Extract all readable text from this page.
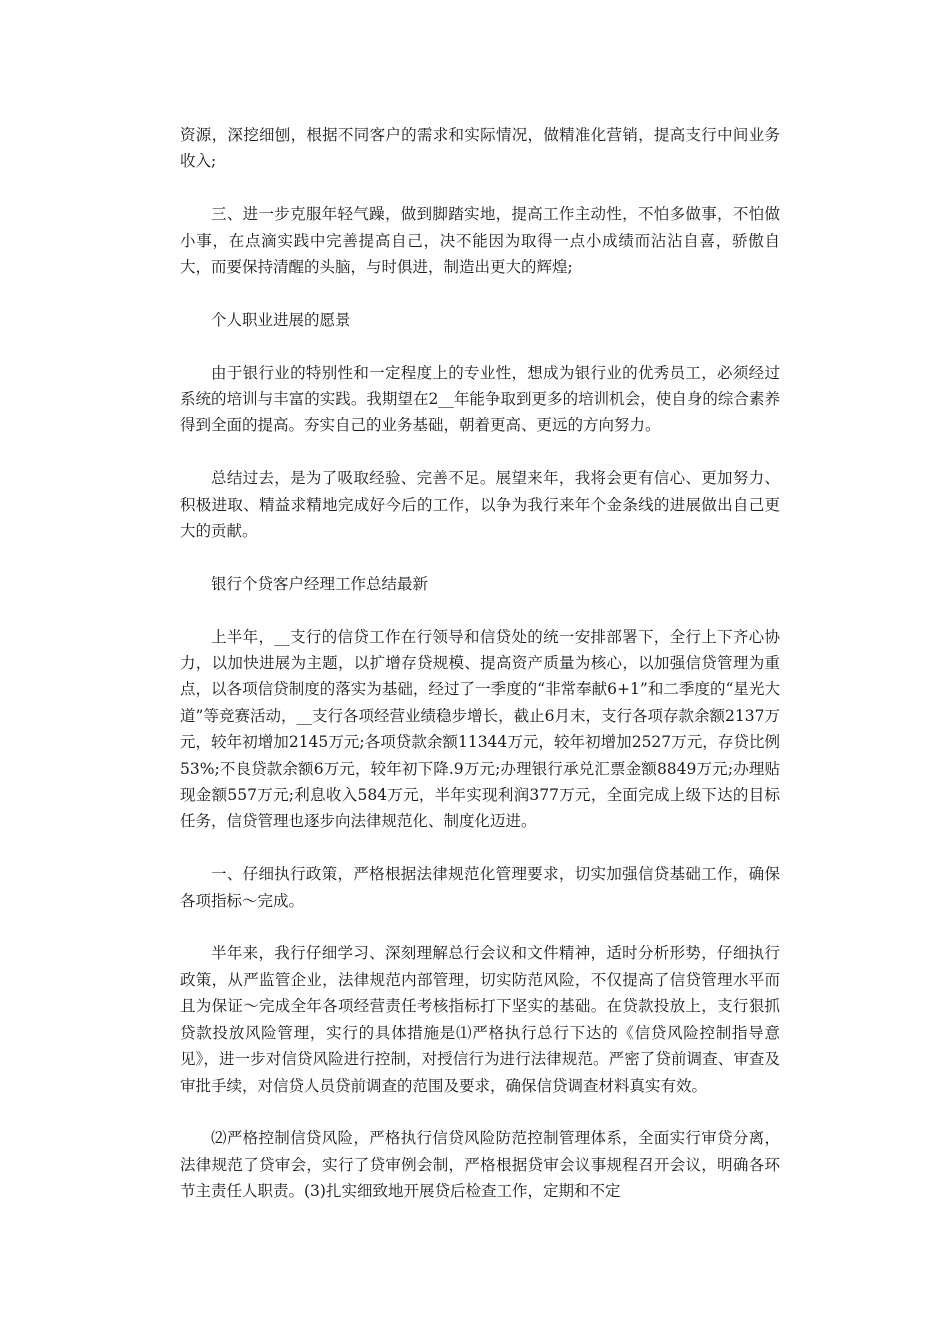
资源，深挖细刨，根据不同客户的需求和实际情况，做精准化营销，提高支行中间业务收入;

三、进一步克服年轻气躁，做到脚踏实地，提高工作主动性，不怕多做事，不怕做小事，在点滴实践中完善提高自己，决不能因为取得一点小成绩而沾沾自喜，骄傲自大，而要保持清醒的头脑，与时俱进，制造出更大的辉煌;

个人职业进展的愿景

由于银行业的特别性和一定程度上的专业性，想成为银行业的优秀员工，必须经过系统的培训与丰富的实践。我期望在2__年能争取到更多的培训机会，使自身的综合素养得到全面的提高。夯实自己的业务基础，朝着更高、更远的方向努力。

总结过去，是为了吸取经验、完善不足。展望来年，我将会更有信心、更加努力、积极进取、精益求精地完成好今后的工作，以争为我行来年个金条线的进展做出自己更大的贡献。

银行个贷客户经理工作总结最新

上半年，__支行的信贷工作在行领导和信贷处的统一安排部署下，全行上下齐心协力，以加快进展为主题，以扩增存贷规模、提高资产质量为核心，以加强信贷管理为重点，以各项信贷制度的落实为基础，经过了一季度的“非常奉献6+1”和二季度的“星光大道”等竞赛活动，__支行各项经营业绩稳步增长，截止6月末，支行各项存款余额2137万元，较年初增加2145万元;各项贷款余额11344万元，较年初增加2527万元，存贷比例53%;不良贷款余额6万元，较年初下降.9万元;办理银行承兑汇票金额8849万元;办理贴现金额557万元;利息收入584万元，半年实现利润377万元，全面完成上级下达的目标任务，信贷管理也逐步向法律规范化、制度化迈进。

一、仔细执行政策，严格根据法律规范化管理要求，切实加强信贷基础工作，确保各项指标～完成。

半年来，我行仔细学习、深刻理解总行会议和文件精神，适时分析形势，仔细执行政策，从严监管企业，法律规范内部管理，切实防范风险，不仅提高了信贷管理水平而且为保证～完成全年各项经营责任考核指标打下坚实的基础。在贷款投放上，支行狠抓贷款投放风险管理，实行的具体措施是⑴严格执行总行下达的《信贷风险控制指导意见》，进一步对信贷风险进行控制，对授信行为进行法律规范。严密了贷前调查、审查及审批手续，对信贷人员贷前调查的范围及要求，确保信贷调查材料真实有效。

⑵严格控制信贷风险，严格执行信贷风险防范控制管理体系，全面实行审贷分离，法律规范了贷审会，实行了贷审例会制，严格根据贷审会议事规程召开会议，明确各环节主责任人职责。(3)扎实细致地开展贷后检查工作，定期和不定
